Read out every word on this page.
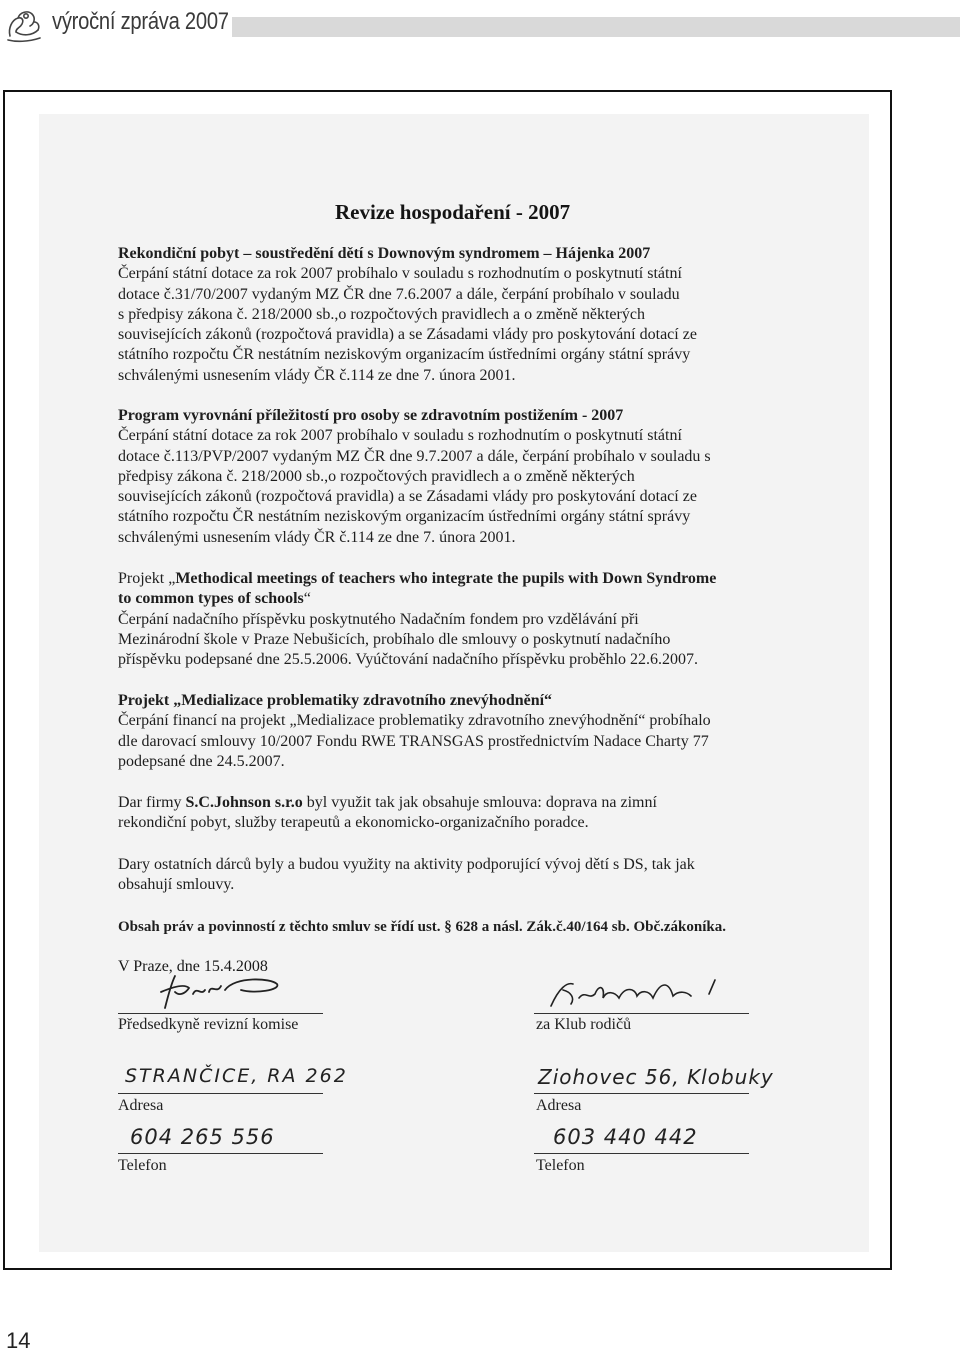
výroční zpráva 2007
Revize hospodaření - 2007
Rekondiční pobyt – soustředění dětí s Downovým syndromem – Hájenka 2007
Čerpání státní dotace za rok 2007 probíhalo v souladu s rozhodnutím o poskytnutí státní
dotace č.31/70/2007 vydaným MZ ČR dne 7.6.2007 a dále, čerpání probíhalo v souladu
s předpisy zákona č. 218/2000 sb.,o rozpočtových pravidlech a o změně některých
souvisejících zákonů (rozpočtová pravidla) a se Zásadami vlády pro poskytování dotací ze
státního rozpočtu ČR nestátním neziskovým organizacím ústředními orgány státní správy
schválenými usnesením vlády ČR č.114 ze dne 7. února 2001.
Program vyrovnání příležitostí pro osoby se zdravotním postižením - 2007
Čerpání státní dotace za rok 2007 probíhalo v souladu s rozhodnutím o poskytnutí státní
dotace č.113/PVP/2007 vydaným MZ ČR dne 9.7.2007 a dále, čerpání probíhalo v souladu s
předpisy zákona č. 218/2000 sb.,o rozpočtových pravidlech a o změně některých
souvisejících zákonů (rozpočtová pravidla) a se Zásadami vlády pro poskytování dotací ze
státního rozpočtu ČR nestátním neziskovým organizacím ústředními orgány státní správy
schválenými usnesením vlády ČR č.114 ze dne 7. února 2001.
Projekt „Methodical meetings of teachers who integrate the pupils with Down Syndrome
to common types of schools“
Čerpání nadačního příspěvku poskytnutého Nadačním fondem pro vzdělávání při
Mezinárodní škole v Praze Nebušicích, probíhalo dle smlouvy o poskytnutí nadačního
příspěvku podepsané dne 25.5.2006. Vyúčtování nadačního příspěvku proběhlo 22.6.2007.
Projekt „Medializace problematiky zdravotního znevýhodnění“
Čerpání financí na projekt „Medializace problematiky zdravotního znevýhodnění“ probíhalo
dle darovací smlouvy 10/2007 Fondu RWE TRANSGAS prostřednictvím Nadace Charty 77
podepsané dne 24.5.2007.
Dar firmy S.C.Johnson s.r.o byl využit tak jak obsahuje smlouva: doprava na zimní
rekondiční pobyt, služby terapeutů a ekonomicko-organizačního poradce.
Dary ostatních dárců byly a budou využity na aktivity podporující vývoj dětí s DS, tak jak
obsahují smlouvy.
Obsah práv a povinností z těchto smluv se řídí ust. § 628 a násl. Zák.č.40/164 sb. Obč.zákoníka.
V Praze, dne 15.4.2008
Předsedkyně revizní komise
STRANČICE, RA 262
Adresa
604 265 556
Telefon
za Klub rodičů
Ziohovec 56, Klobuky
Adresa
603 440 442
Telefon
14
